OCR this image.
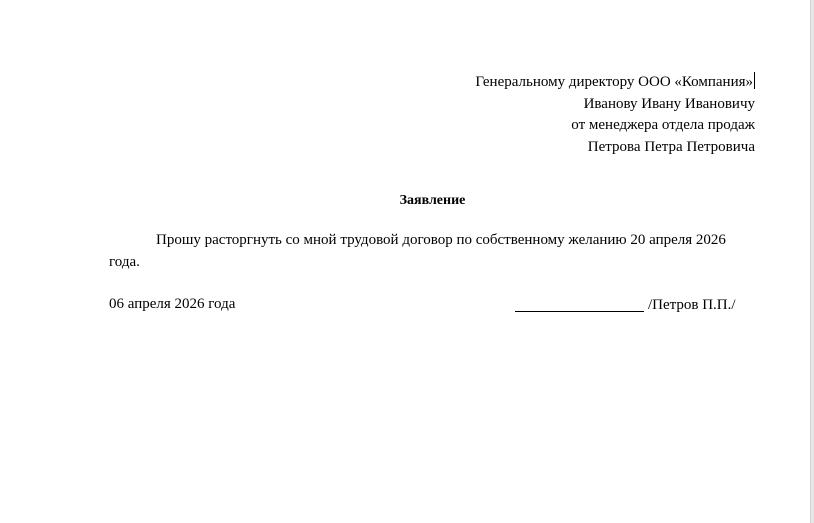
Генеральному директору ООО «Компания»
Иванову Ивану Ивановичу
от менеджера отдела продаж
Петрова Петра Петровича
Заявление
Прошу расторгнуть со мной трудовой договор по собственному желанию 20 апреля 2026 года.
06 апреля 2026 года	/Петров П.П./
